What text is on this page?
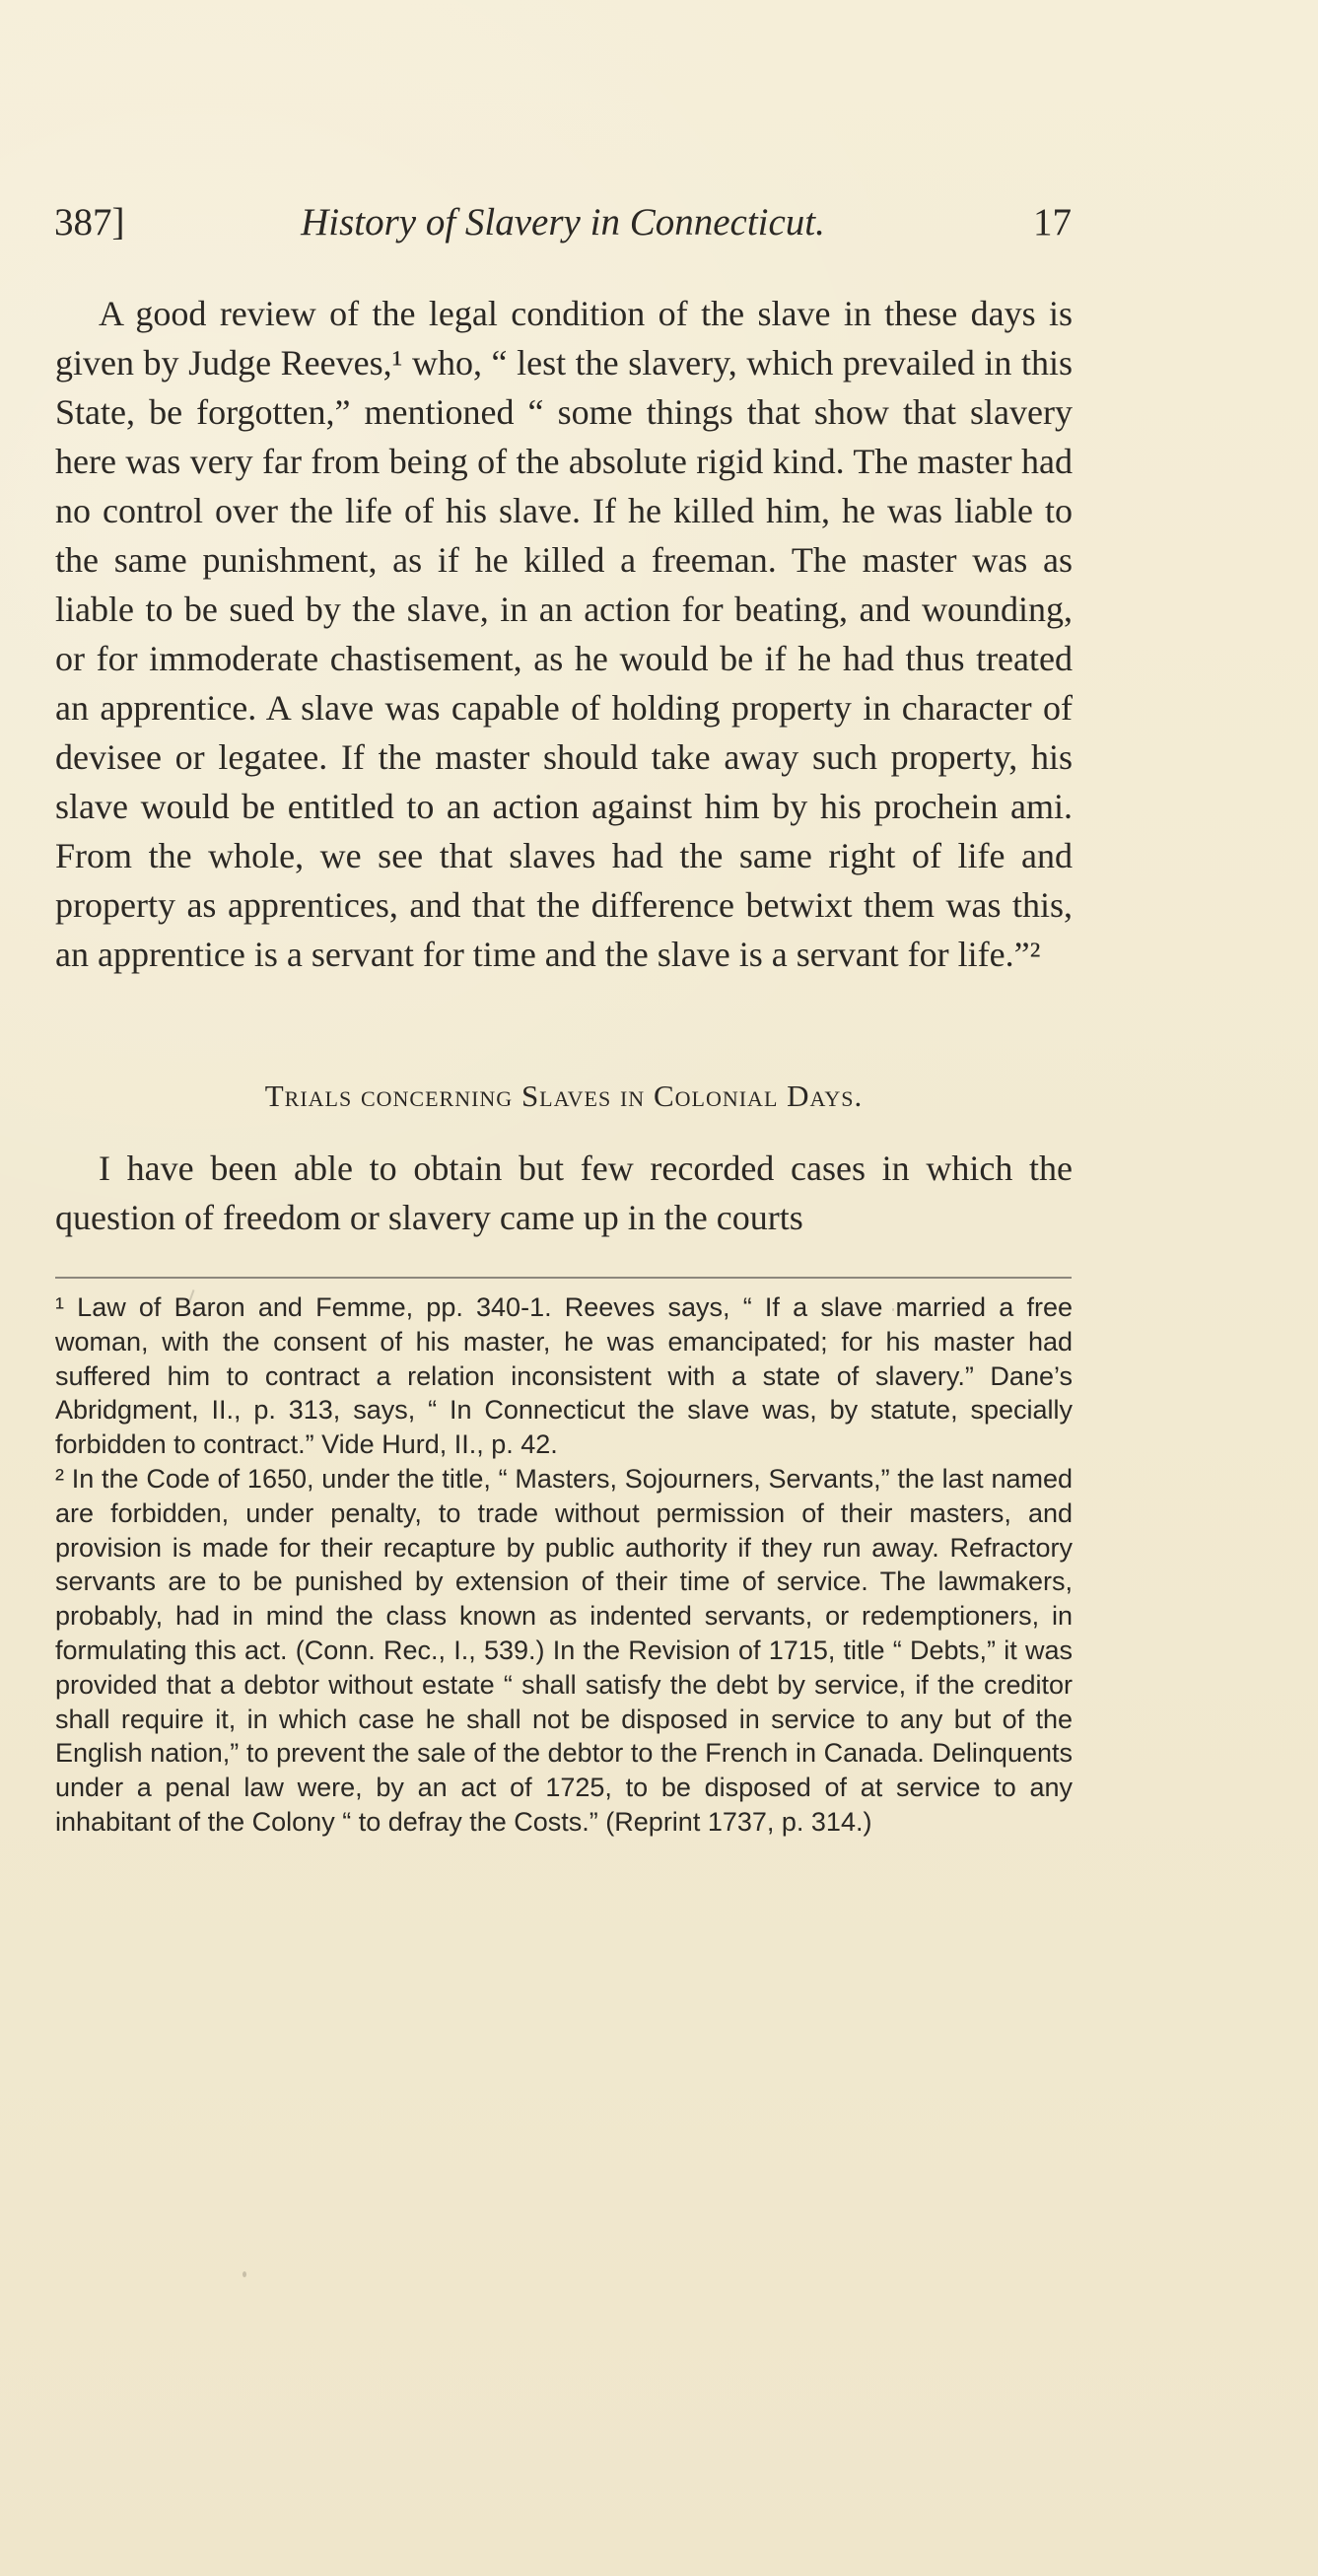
387]	History of Slavery in Connecticut.	17

A good review of the legal condition of the slave in these days is given by Judge Reeves,¹ who, “ lest the slavery, which prevailed in this State, be forgotten,” mentioned “ some things that show that slavery here was very far from being of the absolute rigid kind. The master had no control over the life of his slave. If he killed him, he was liable to the same punishment, as if he killed a freeman. The master was as liable to be sued by the slave, in an action for beating, and wounding, or for immoderate chastisement, as he would be if he had thus treated an apprentice. A slave was capable of holding property in character of devisee or legatee. If the master should take away such property, his slave would be entitled to an action against him by his prochein ami. From the whole, we see that slaves had the same right of life and property as apprentices, and that the difference betwixt them was this, an apprentice is a servant for time and the slave is a servant for life.”²

Trials concerning Slaves in Colonial Days.

I have been able to obtain but few recorded cases in which the question of freedom or slavery came up in the courts

¹ Law of Baron and Femme, pp. 340-1. Reeves says, “ If a slave married a free woman, with the consent of his master, he was emancipated; for his master had suffered him to contract a relation inconsistent with a state of slavery.” Dane’s Abridgment, II., p. 313, says, “ In Connecticut the slave was, by statute, specially forbidden to contract.” Vide Hurd, II., p. 42.

² In the Code of 1650, under the title, “ Masters, Sojourners, Servants,” the last named are forbidden, under penalty, to trade without permission of their masters, and provision is made for their recapture by public authority if they run away. Refractory servants are to be punished by extension of their time of service. The lawmakers, probably, had in mind the class known as indented servants, or redemptioners, in formulating this act. (Conn. Rec., I., 539.) In the Revision of 1715, title “ Debts,” it was provided that a debtor without estate “ shall satisfy the debt by service, if the creditor shall require it, in which case he shall not be disposed in service to any but of the English nation,” to prevent the sale of the debtor to the French in Canada. Delinquents under a penal law were, by an act of 1725, to be disposed of at service to any inhabitant of the Colony “ to defray the Costs.” (Reprint 1737, p. 314.)
